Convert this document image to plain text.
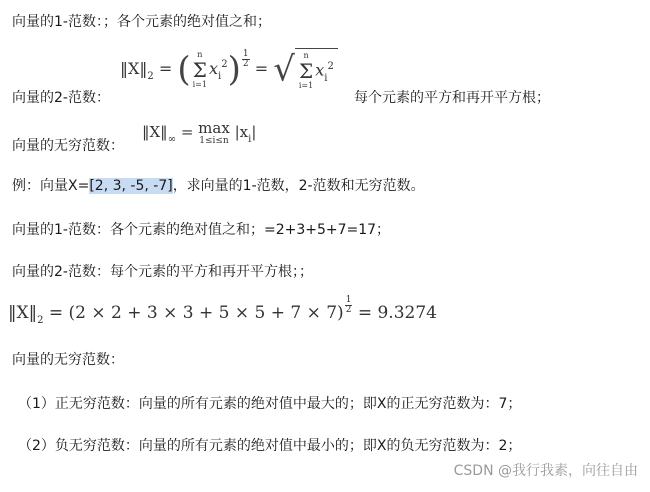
向量的1-范数：；各个元素的绝对值之和；
向量的2-范数：
$‖X‖_2$ = ( n
Σ
i=1
$x_i^2) \frac{1}{2}$ = √	n
Σ
i=1
$x_i^2$
每个元素的平方和再开平方根；
向量的无穷范数：
$‖X‖_\infty = \max$
1≤i≤n $|x_i|$
例：向量X=[2, 3, -5, -7]，求向量的1-范数，2-范数和无穷范数。
向量的1-范数：各个元素的绝对值之和；=2+3+5+7=17；
向量的2-范数：每个元素的平方和再开平方根；；
$‖X‖_2 = (2 \times 2 + 3 \times 3 + 5 \times 5 + 7 \times 7) \frac{1}{2} = 9.3274$
向量的无穷范数：
（1）正无穷范数：向量的所有元素的绝对值中最大的；即X的正无穷范数为：7；
（2）负无穷范数：向量的所有元素的绝对值中最小的；即X的负无穷范数为：2；
CSDN @我行我素，向往自由
